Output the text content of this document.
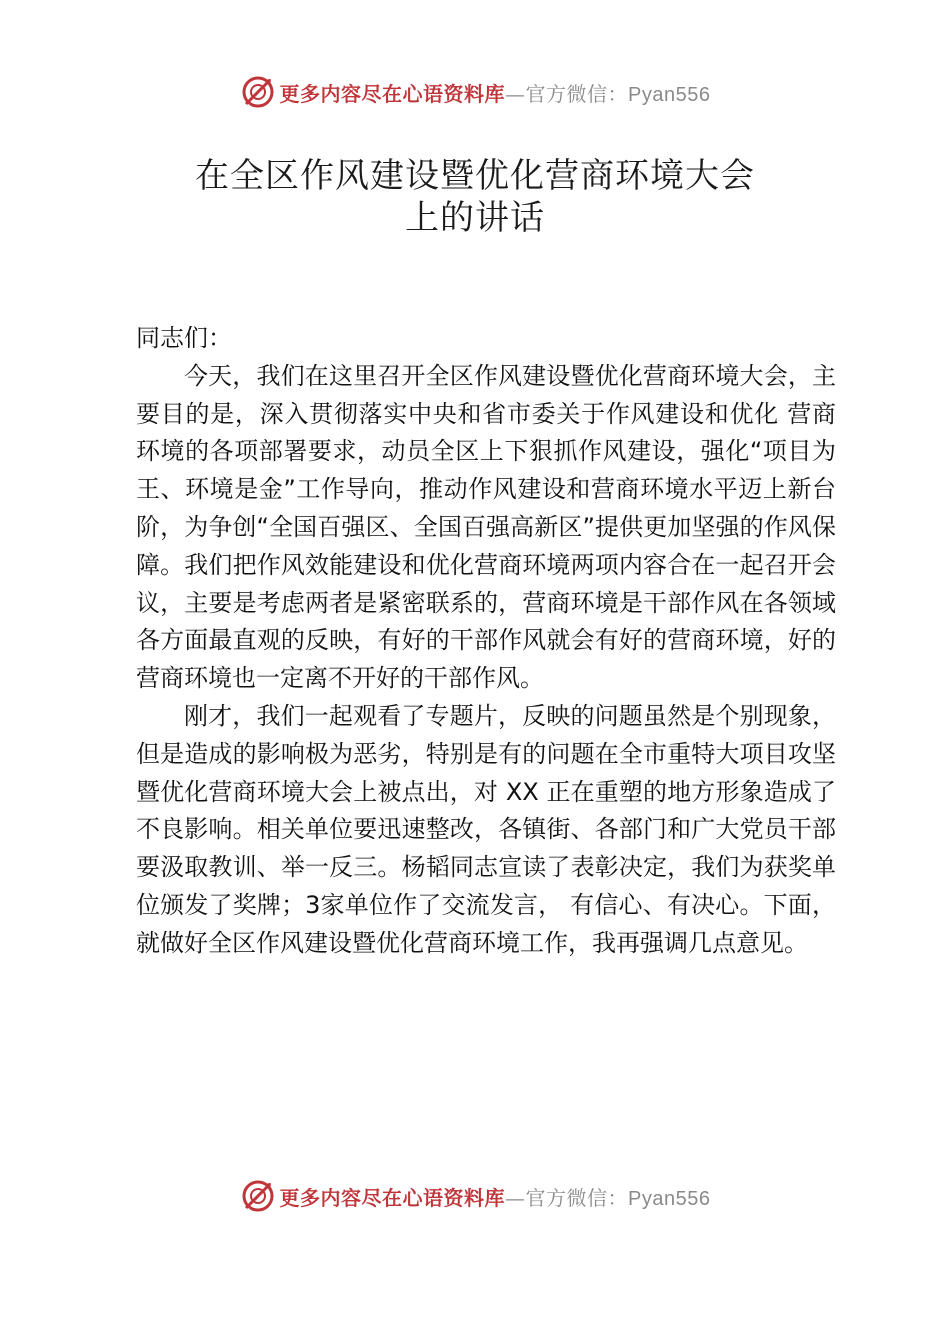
更多内容尽在心语资料库—官方微信：Pyan556
在全区作风建设暨优化营商环境大会
上的讲话

同志们：

今天，我们在这里召开全区作风建设暨优化营商环境大会，主要目的是，深入贯彻落实中央和省市委关于作风建设和优化 营商环境的各项部署要求，动员全区上下狠抓作风建设，强化“项目为王、环境是金”工作导向，推动作风建设和营商环境水平迈上新台阶，为争创“全国百强区、全国百强高新区”提供更加坚强的作风保障。我们把作风效能建设和优化营商环境两项内容合在一起召开会议，主要是考虑两者是紧密联系的，营商环境是干部作风在各领域各方面最直观的反映，有好的干部作风就会有好的营商环境，好的营商环境也一定离不开好的干部作风。

刚才，我们一起观看了专题片，反映的问题虽然是个别现象，但是造成的影响极为恶劣，特别是有的问题在全市重特大项目攻坚暨优化营商环境大会上被点出，对 XX 正在重塑的地方形象造成了不良影响。相关单位要迅速整改，各镇街、各部门和广大党员干部要汲取教训、举一反三。杨韬同志宣读了表彰决定，我们为获奖单位颁发了奖牌；3家单位作了交流发言， 有信心、有决心。下面，就做好全区作风建设暨优化营商环境工作，我再强调几点意见。

更多内容尽在心语资料库—官方微信：Pyan556
